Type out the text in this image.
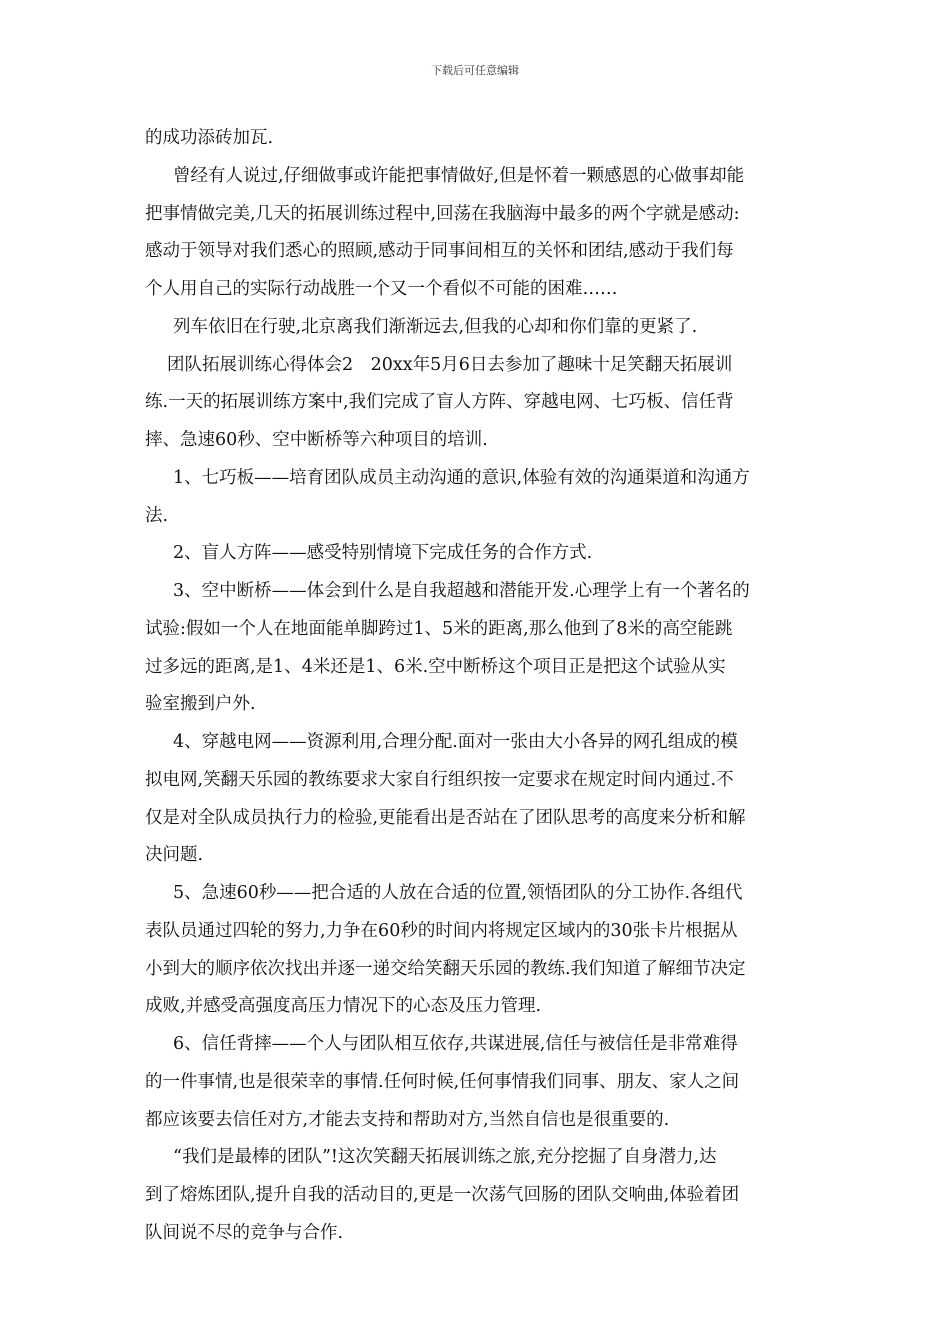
下载后可任意编辑
的成功添砖加瓦.
曾经有人说过,仔细做事或许能把事情做好,但是怀着一颗感恩的心做事却能
把事情做完美,几天的拓展训练过程中,回荡在我脑海中最多的两个字就是感动:
感动于领导对我们悉心的照顾,感动于同事间相互的关怀和团结,感动于我们每
个人用自己的实际行动战胜一个又一个看似不可能的困难……
列车依旧在行驶,北京离我们渐渐远去,但我的心却和你们靠的更紧了.
团队拓展训练心得体会2　20xx年5月6日去参加了趣味十足笑翻天拓展训
练.一天的拓展训练方案中,我们完成了盲人方阵、穿越电网、七巧板、信任背
摔、急速60秒、空中断桥等六种项目的培训.
1、七巧板——培育团队成员主动沟通的意识,体验有效的沟通渠道和沟通方
法.
2、盲人方阵——感受特别情境下完成任务的合作方式.
3、空中断桥——体会到什么是自我超越和潜能开发.心理学上有一个著名的
试验:假如一个人在地面能单脚跨过1、5米的距离,那么他到了8米的高空能跳
过多远的距离,是1、4米还是1、6米.空中断桥这个项目正是把这个试验从实
验室搬到户外.
4、穿越电网——资源利用,合理分配.面对一张由大小各异的网孔组成的模
拟电网,笑翻天乐园的教练要求大家自行组织按一定要求在规定时间内通过.不
仅是对全队成员执行力的检验,更能看出是否站在了团队思考的高度来分析和解
决问题.
5、急速60秒——把合适的人放在合适的位置,领悟团队的分工协作.各组代
表队员通过四轮的努力,力争在60秒的时间内将规定区域内的30张卡片根据从
小到大的顺序依次找出并逐一递交给笑翻天乐园的教练.我们知道了解细节决定
成败,并感受高强度高压力情况下的心态及压力管理.
6、信任背摔——个人与团队相互依存,共谋进展,信任与被信任是非常难得
的一件事情,也是很荣幸的事情.任何时候,任何事情我们同事、朋友、家人之间
都应该要去信任对方,才能去支持和帮助对方,当然自信也是很重要的.
“我们是最棒的团队”!这次笑翻天拓展训练之旅,充分挖掘了自身潜力,达
到了熔炼团队,提升自我的活动目的,更是一次荡气回肠的团队交响曲,体验着团
队间说不尽的竞争与合作.
